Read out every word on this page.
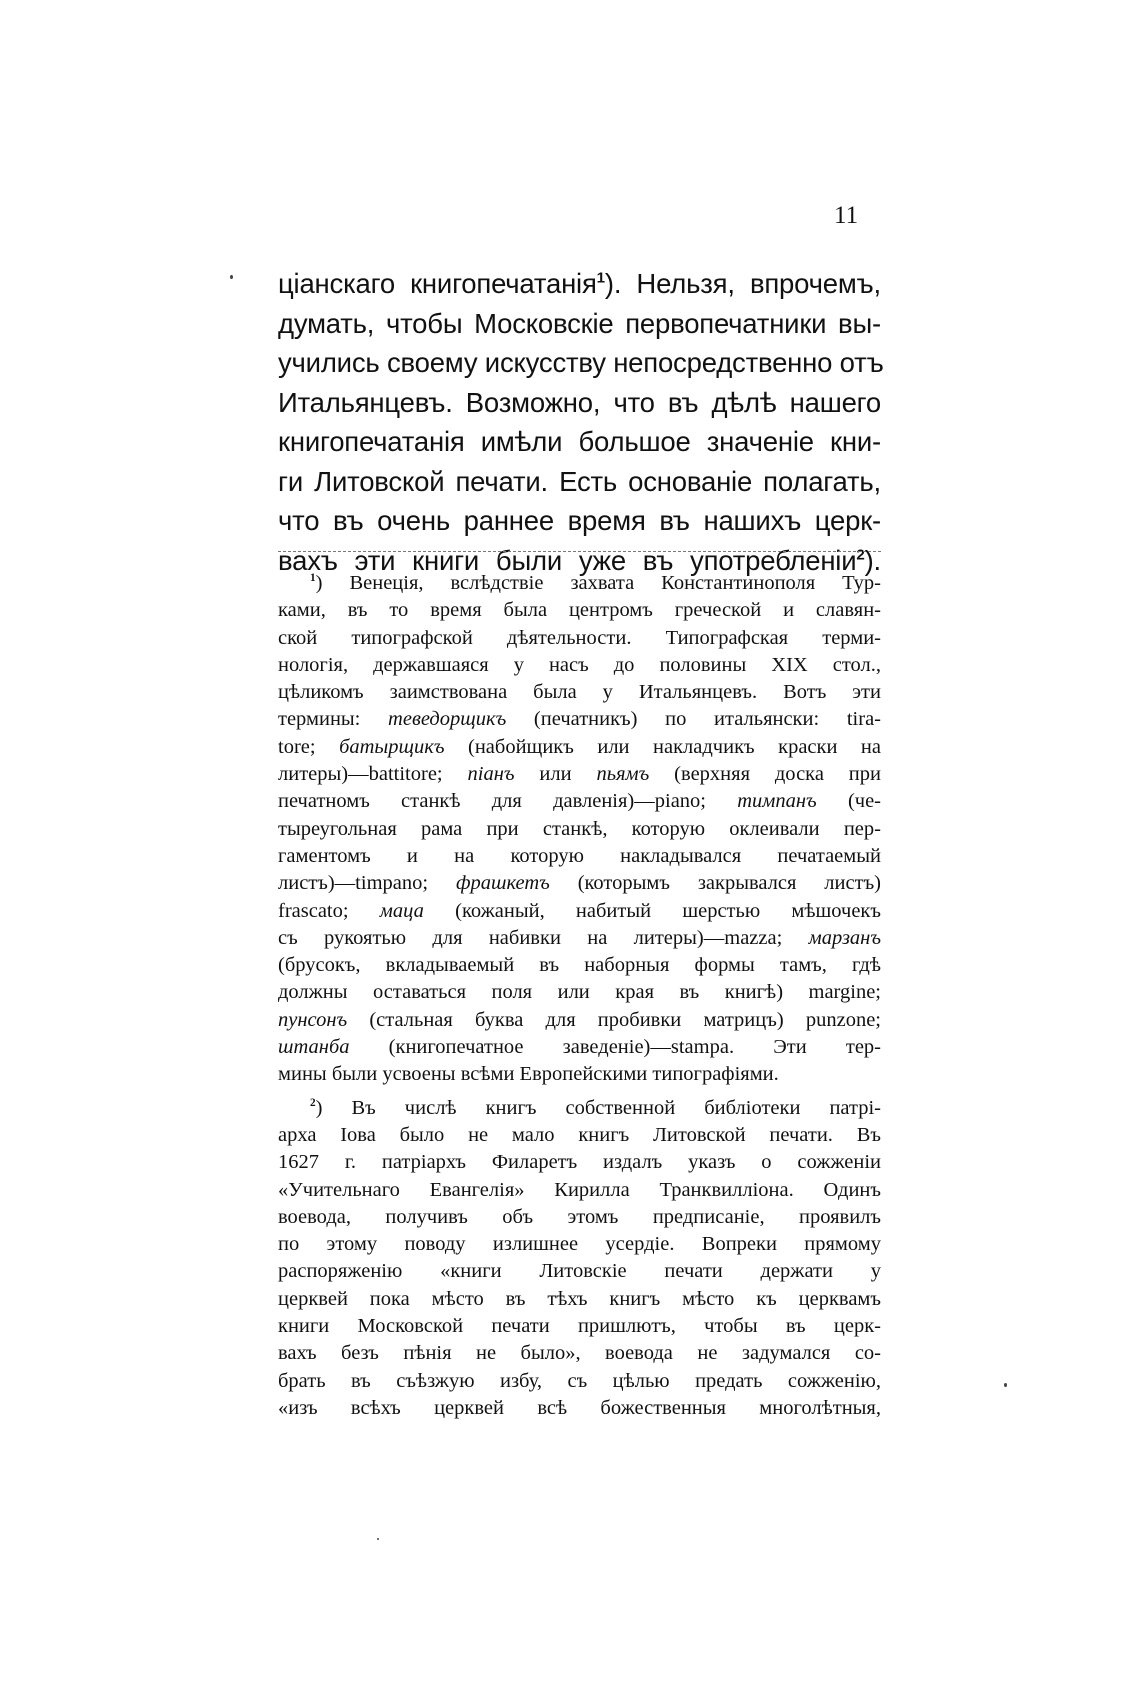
11

ціанскаго книгопечатанія$^1$). Нельзя, впрочемъ,
думать, чтобы Московскіе первопечатники вы-
учились своему искусству непосредственно отъ
Итальянцевъ. Возможно, что въ дѣлѣ нашего
книгопечатанія имѣли большое значеніе кни-
ги Литовской печати. Есть основаніе полагать,
что въ очень раннее время въ нашихъ церк-
вахъ эти книги были уже въ употребленіи$^2$).

$^1$) Венеція, вслѣдствіе захвата Константинополя Тур-
ками, въ то время была центромъ греческой и славян-
ской типографской дѣятельности. Типографская терми-
нологія, державшаяся у насъ до половины XIX стол.,
цѣликомъ заимствована была у Итальянцевъ. Вотъ эти
термины: теведорщикъ (печатникъ) по итальянски: tira-
tore; батырщикъ (набойщикъ или накладчикъ краски на
литеры)—battitore; піанъ или пьямъ (верхняя доска при
печатномъ станкѣ для давленія)—piano; тимпанъ (че-
тыреугольная рама при станкѣ, которую оклеивали пер-
гаментомъ и на которую накладывался печатаемый
листъ)—timpano; фрашкетъ (которымъ закрывался листъ)
frascato; маца (кожаный, набитый шерстью мѣшочекъ
съ рукоятью для набивки на литеры)—mazza; марзанъ
(брусокъ, вкладываемый въ наборныя формы тамъ, гдѣ
должны оставаться поля или края въ книгѣ) margine;
пунсонъ (стальная буква для пробивки матрицъ) punzone;
штанба (книгопечатное заведеніе)—stampa. Эти тер-
мины были усвоены всѣми Европейскими типографіями.
$^2$) Въ числѣ книгъ собственной библіотеки патрі-
арха Іова было не мало книгъ Литовской печати. Въ
1627 г. патріархъ Филаретъ издалъ указъ о сожженіи
«Учительнаго Евангелія» Кирилла Транквилліона. Одинъ
воевода, получивъ объ этомъ предписаніе, проявилъ
по этому поводу излишнее усердіе. Вопреки прямому
распоряженію «книги Литовскіе печати держати у
церквей пока мѣсто въ тѣхъ книгъ мѣсто къ церквамъ
книги Московской печати пришлютъ, чтобы въ церк-
вахъ безъ пѣнія не было», воевода не задумался со-
брать въ съѣзжую избу, съ цѣлью предать сожженію,
«изъ всѣхъ церквей всѣ божественныя многолѣтныя,
